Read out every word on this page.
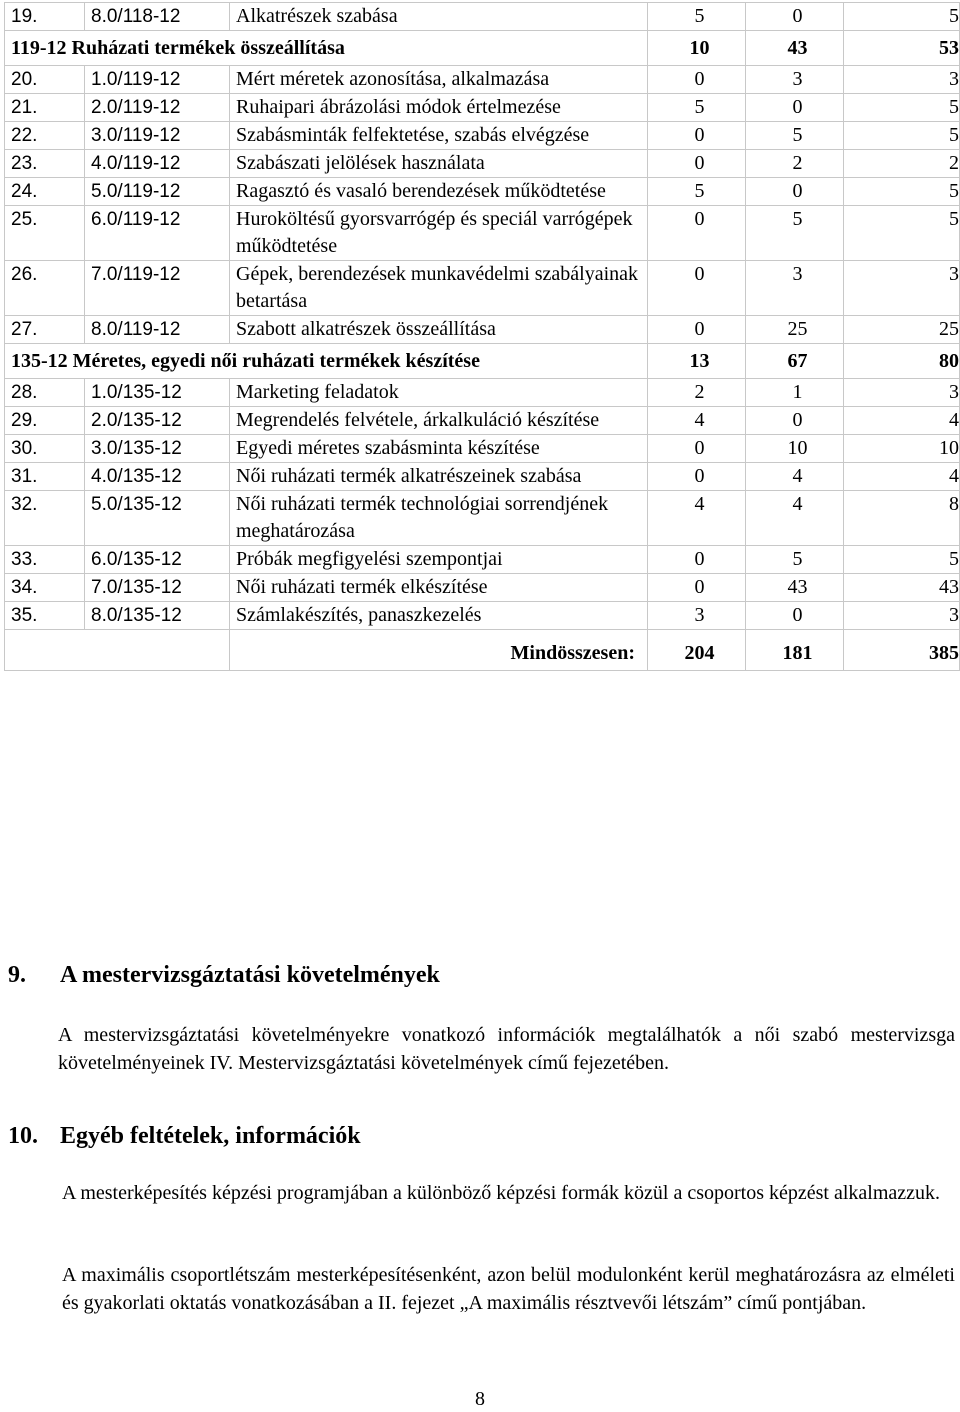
19.	8.0/118-12	Alkatrészek szabása	5	0	5
119-12 Ruházati termékek összeállítása			10	43	53
20.	1.0/119-12	Mért méretek azonosítása, alkalmazása	0	3	3
21.	2.0/119-12	Ruhaipari ábrázolási módok értelmezése	5	0	5
22.	3.0/119-12	Szabásminták felfektetése, szabás elvégzése	0	5	5
23.	4.0/119-12	Szabászati jelölések használata	0	2	2
24.	5.0/119-12	Ragasztó és vasaló berendezések működtetése	5	0	5
25.	6.0/119-12	Huroköltésű gyorsvarrógép és speciál varrógépek működtetése	0	5	5
26.	7.0/119-12	Gépek, berendezések munkavédelmi szabályainak betartása	0	3	3
27.	8.0/119-12	Szabott alkatrészek összeállítása	0	25	25
135-12 Méretes, egyedi női ruházati termékek készítése			13	67	80
28.	1.0/135-12	Marketing feladatok	2	1	3
29.	2.0/135-12	Megrendelés felvétele, árkalkuláció készítése	4	0	4
30.	3.0/135-12	Egyedi méretes szabásminta készítése	0	10	10
31.	4.0/135-12	Női ruházati termék alkatrészeinek szabása	0	4	4
32.	5.0/135-12	Női ruházati termék technológiai sorrendjének meghatározása	4	4	8
33.	6.0/135-12	Próbák megfigyelési szempontjai	0	5	5
34.	7.0/135-12	Női ruházati termék elkészítése	0	43	43
35.	8.0/135-12	Számlakészítés, panaszkezelés	3	0	3
		Mindösszesen:	204	181	385
9. A mestervizsgáztatási követelmények

A mestervizsgáztatási követelményekre vonatkozó információk megtalálhatók a női szabó mestervizsga követelményeinek IV. Mestervizsgáztatási követelmények című fejezetében.

10. Egyéb feltételek, információk

A mesterképesítés képzési programjában a különböző képzési formák közül a csoportos képzést alkalmazzuk.

A maximális csoportlétszám mesterképesítésenként, azon belül modulonként kerül meghatározásra az elméleti és gyakorlati oktatás vonatkozásában a II. fejezet „A maximális résztvevői létszám” című pontjában.

8
